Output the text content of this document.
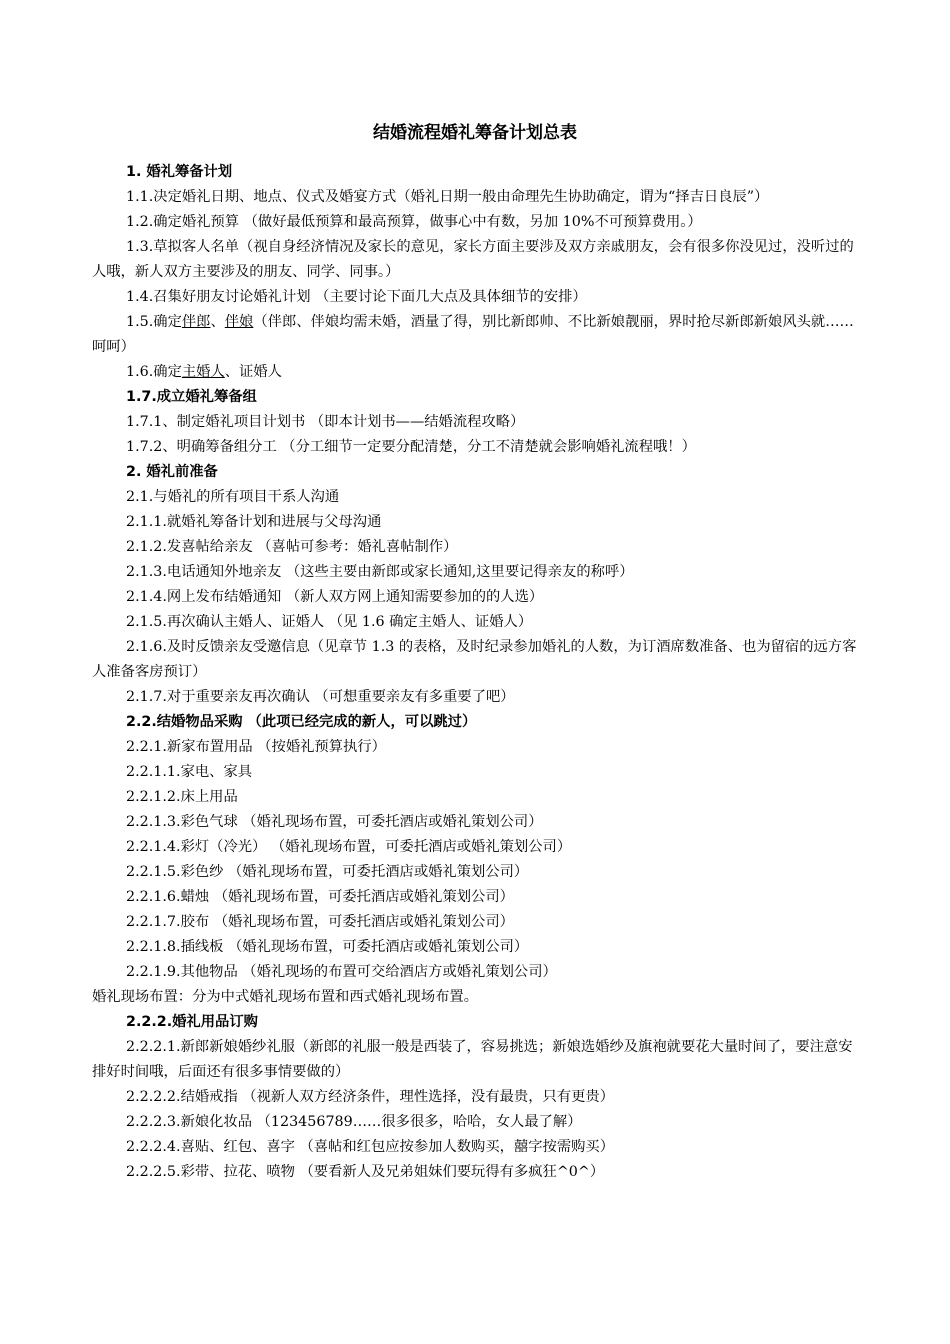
结婚流程婚礼筹备计划总表

1. 婚礼筹备计划

1.1.决定婚礼日期、地点、仪式及婚宴方式（婚礼日期一般由命理先生协助确定，谓为“择吉日良辰”）

1.2.确定婚礼预算 （做好最低预算和最高预算，做事心中有数，另加 10%不可预算费用。）

1.3.草拟客人名单（视自身经济情况及家长的意见，家长方面主要涉及双方亲戚朋友，会有很多你没见过，没听过的人哦，新人双方主要涉及的朋友、同学、同事。）

1.4.召集好朋友讨论婚礼计划 （主要讨论下面几大点及具体细节的安排）

1.5.确定伴郎、伴娘（伴郎、伴娘均需未婚，酒量了得，别比新郎帅、不比新娘靓丽，界时抢尽新郎新娘风头就……呵呵）

1.6.确定主婚人、证婚人

1.7.成立婚礼筹备组

1.7.1、制定婚礼项目计划书 （即本计划书——结婚流程攻略）

1.7.2、明确筹备组分工 （分工细节一定要分配清楚，分工不清楚就会影响婚礼流程哦！）

2. 婚礼前准备

2.1.与婚礼的所有项目干系人沟通

2.1.1.就婚礼筹备计划和进展与父母沟通

2.1.2.发喜帖给亲友 （喜帖可参考：婚礼喜帖制作）

2.1.3.电话通知外地亲友 （这些主要由新郎或家长通知,这里要记得亲友的称呼）

2.1.4.网上发布结婚通知 （新人双方网上通知需要参加的的人选）

2.1.5.再次确认主婚人、证婚人 （见 1.6 确定主婚人、证婚人）

2.1.6.及时反馈亲友受邀信息（见章节 1.3 的表格，及时纪录参加婚礼的人数，为订酒席数准备、也为留宿的远方客人准备客房预订）

2.1.7.对于重要亲友再次确认 （可想重要亲友有多重要了吧）

2.2.结婚物品采购 （此项已经完成的新人，可以跳过）

2.2.1.新家布置用品 （按婚礼预算执行）

2.2.1.1.家电、家具

2.2.1.2.床上用品

2.2.1.3.彩色气球 （婚礼现场布置，可委托酒店或婚礼策划公司）

2.2.1.4.彩灯（冷光） （婚礼现场布置，可委托酒店或婚礼策划公司）

2.2.1.5.彩色纱 （婚礼现场布置，可委托酒店或婚礼策划公司）

2.2.1.6.蜡烛 （婚礼现场布置，可委托酒店或婚礼策划公司）

2.2.1.7.胶布 （婚礼现场布置，可委托酒店或婚礼策划公司）

2.2.1.8.插线板 （婚礼现场布置，可委托酒店或婚礼策划公司）

2.2.1.9.其他物品 （婚礼现场的布置可交给酒店方或婚礼策划公司）

婚礼现场布置：分为中式婚礼现场布置和西式婚礼现场布置。

2.2.2.婚礼用品订购

2.2.2.1.新郎新娘婚纱礼服（新郎的礼服一般是西装了，容易挑选；新娘选婚纱及旗袍就要花大量时间了，要注意安排好时间哦，后面还有很多事情要做的）

2.2.2.2.结婚戒指 （视新人双方经济条件，理性选择，没有最贵，只有更贵）

2.2.2.3.新娘化妆品 （123456789……很多很多，哈哈，女人最了解）

2.2.2.4.喜贴、红包、喜字 （喜帖和红包应按参加人数购买，囍字按需购买）

2.2.2.5.彩带、拉花、喷物 （要看新人及兄弟姐妹们要玩得有多疯狂^0^）
